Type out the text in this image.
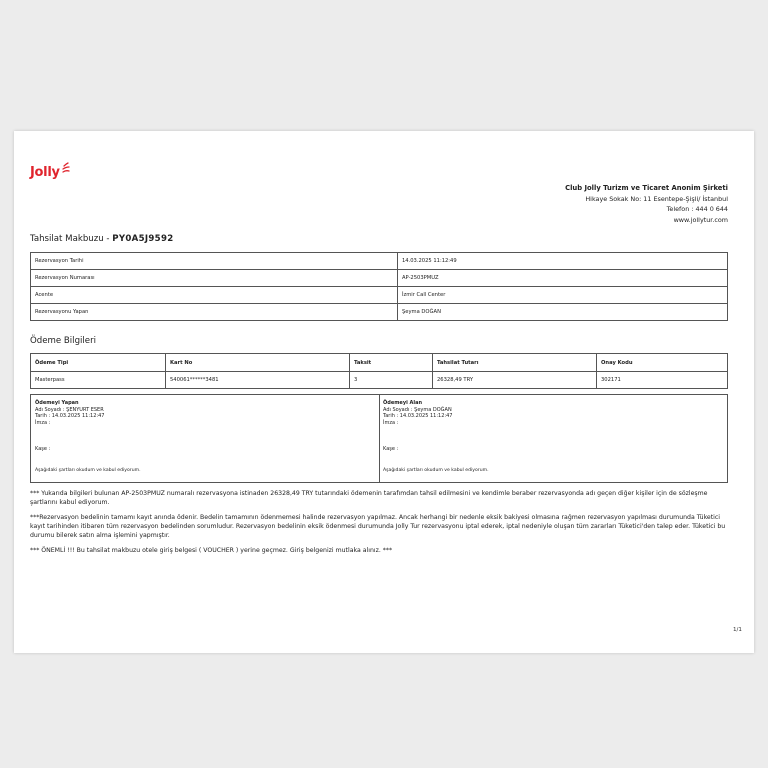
Jolly
Club Jolly Turizm ve Ticaret Anonim Şirketi
Hikaye Sokak No: 11 Esentepe-Şişli/ İstanbul
Telefon : 444 0 644
www.jollytur.com
Tahsilat Makbuzu - PY0A5J9592
Rezervasyon Tarihi	14.03.2025 11:12:49
Rezervasyon Numarası	AP-2503PMUZ
Acente	İzmir Call Center
Rezervasyonu Yapan	Şeyma DOĞAN
Ödeme Bilgileri
Ödeme Tipi	Kart No	Taksit	Tahsilat Tutarı	Onay Kodu
Masterpass	540061******3481	3	26328,49 TRY	302171
Ödemeyi Yapan
Adı Soyadı : ŞENYURT ESER
Tarih : 14.03.2025 11:12:47
İmza :
Kaşe :
Aşağıdaki şartları okudum ve kabul ediyorum.
Ödemeyi Alan
Adı Soyadı : Şeyma DOĞAN
Tarih : 14.03.2025 11:12:47
İmza :
Kaşe :
Aşağıdaki şartları okudum ve kabul ediyorum.

*** Yukarıda bilgileri bulunan AP-2503PMUZ numaralı rezervasyona istinaden 26328,49 TRY tutarındaki ödemenin tarafımdan tahsil edilmesini ve kendimle beraber rezervasyonda adı geçen diğer kişiler için de sözleşme şartlarını kabul ediyorum.

***Rezervasyon bedelinin tamamı kayıt anında ödenir. Bedelin tamamının ödenmemesi halinde rezervasyon yapılmaz. Ancak herhangi bir nedenle eksik bakiyesi olmasına rağmen rezervasyon yapılması durumunda Tüketici kayıt tarihinden itibaren tüm rezervasyon bedelinden sorumludur. Rezervasyon bedelinin eksik ödenmesi durumunda Jolly Tur rezervasyonu iptal ederek, iptal nedeniyle oluşan tüm zararları Tüketici'den talep eder. Tüketici bu durumu bilerek satın alma işlemini yapmıştır.

*** ÖNEMLİ !!! Bu tahsilat makbuzu otele giriş belgesi ( VOUCHER ) yerine geçmez. Giriş belgenizi mutlaka alınız. ***

1/1
